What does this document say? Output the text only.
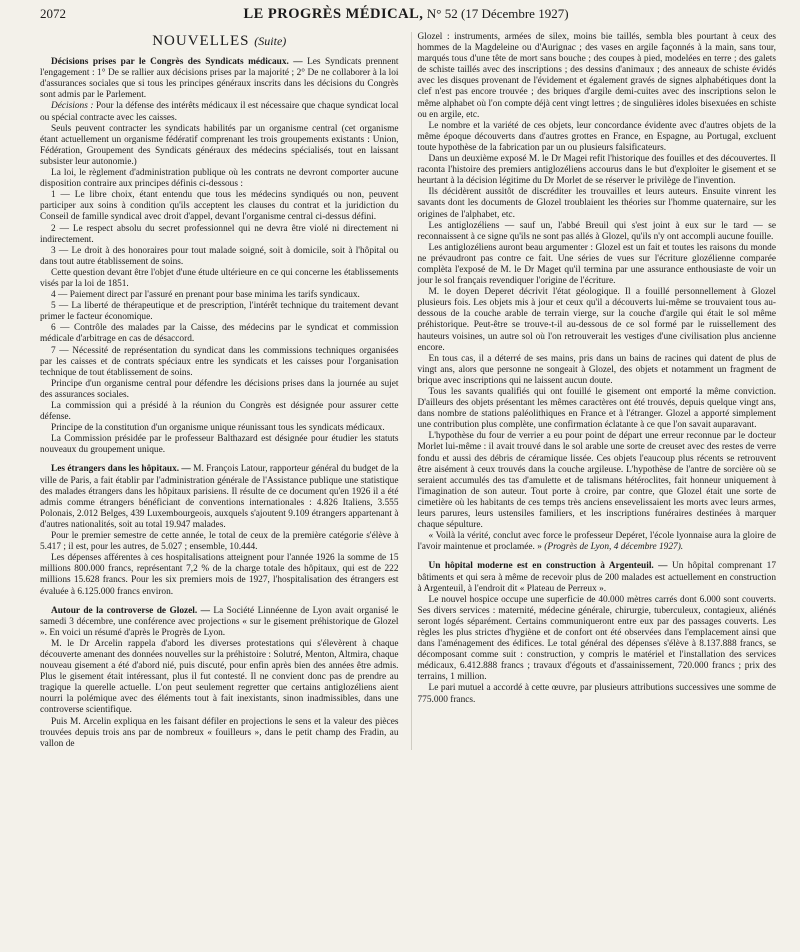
2072	LE PROGRÈS MÉDICAL, N° 52 (17 Décembre 1927)
NOUVELLES (Suite)

Décisions prises par le Congrès des Syndicats médicaux. — Les Syndicats prennent l'engagement : 1° De se rallier aux décisions prises par la majorité ; 2° De ne collaborer à la loi d'assurances sociales que si tous les principes généraux inscrits dans les décisions du Congrès sont admis par le Parlement.

Décisions : Pour la défense des intérêts médicaux il est nécessaire que chaque syndicat local ou spécial contracte avec les caisses.

Seuls peuvent contracter les syndicats habilités par un organisme central (cet organisme étant actuellement un organisme fédératif comprenant les trois groupements existants : Union, Fédération, Groupement des Syndicats généraux des médecins spécialisés, tout en laissant subsister leur autonomie.)

La loi, le règlement d'administration publique où les contrats ne devront comporter aucune disposition contraire aux principes définis ci-dessous :

1 — Le libre choix, étant entendu que tous les médecins syndiqués ou non, peuvent participer aux soins à condition qu'ils acceptent les clauses du contrat et la juridiction du Conseil de famille syndical avec droit d'appel, devant l'organisme central ci-dessus défini.

2 — Le respect absolu du secret professionnel qui ne devra être violé ni directement ni indirectement.

3 — Le droit à des honoraires pour tout malade soigné, soit à domicile, soit à l'hôpital ou dans tout autre établissement de soins.

Cette question devant être l'objet d'une étude ultérieure en ce qui concerne les établissements visés par la loi de 1851.

4 — Paiement direct par l'assuré en prenant pour base minima les tarifs syndicaux.

5 — La liberté de thérapeutique et de prescription, l'intérêt technique du traitement devant primer le facteur économique.

6 — Contrôle des malades par la Caisse, des médecins par le syndicat et commission médicale d'arbitrage en cas de désaccord.

7 — Nécessité de représentation du syndicat dans les commissions techniques organisées par les caisses et de contrats spéciaux entre les syndicats et les caisses pour l'organisation technique de tout établissement de soins.

Principe d'un organisme central pour défendre les décisions prises dans la journée au sujet des assurances sociales.

La commission qui a présidé à la réunion du Congrès est désignée pour assurer cette défense.

Principe de la constitution d'un organisme unique réunissant tous les syndicats médicaux.

La Commission présidée par le professeur Balthazard est désignée pour étudier les statuts nouveaux du groupement unique.

Les étrangers dans les hôpitaux. — M. François Latour, rapporteur général du budget de la ville de Paris, a fait établir par l'administration générale de l'Assistance publique une statistique des malades étrangers dans les hôpitaux parisiens. Il résulte de ce document qu'en 1926 il a été admis comme étrangers bénéficiant de conventions internationales : 4.826 Italiens, 3.555 Polonais, 2.012 Belges, 439 Luxembourgeois, auxquels s'ajoutent 9.109 étrangers appartenant à d'autres nationalités, soit au total 19.947 malades.

Pour le premier semestre de cette année, le total de ceux de la première catégorie s'élève à 5.417 ; il est, pour les autres, de 5.027 ; ensemble, 10.444.

Les dépenses afférentes à ces hospitalisations atteignent pour l'année 1926 la somme de 15 millions 800.000 francs, représentant 7,2 % de la charge totale des hôpitaux, qui est de 222 millions 15.628 francs. Pour les six premiers mois de 1927, l'hospitalisation des étrangers est évaluée à 6.125.000 francs environ.

Autour de la controverse de Glozel. — La Société Linnéenne de Lyon avait organisé le samedi 3 décembre, une conférence avec projections « sur le gisement préhistorique de Glozel ». En voici un résumé d'après le Progrès de Lyon.

M. le Dr Arcelin rappela d'abord les diverses protestations qui s'élevèrent à chaque découverte amenant des données nouvelles sur la préhistoire : Solutré, Menton, Altmira, chaque nouveau gisement a été d'abord nié, puis discuté, pour enfin après bien des années être admis. Plus le gisement était intéressant, plus il fut contesté. Il ne convient donc pas de prendre au tragique la querelle actuelle. L'on peut seulement regretter que certains antiglozéliens aient nourri la polémique avec des éléments tout à fait inexistants, sinon inadmissibles, dans une controverse scientifique.

Puis M. Arcelin expliqua en les faisant défiler en projections le sens et la valeur des pièces trouvées depuis trois ans par de nombreux « fouilleurs », dans le petit champ des Fradin, au vallon de

Glozel : instruments, armées de silex, moins bie taillés, sembla bles pourtant à ceux des hommes de la Magdeleine ou d'Aurignac ; des vases en argile façonnés à la main, sans tour, marqués tous d'une tête de mort sans bouche ; des coupes à pied, modelées en terre ; des galets de schiste taillés avec des inscriptions ; des dessins d'animaux ; des anneaux de schiste évidés avec les disques provenant de l'évidement et également gravés de signes alphabétiques dont la clef n'est pas encore trouvée ; des briques d'argile demi-cuites avec des inscriptions selon le même alphabet où l'on compte déjà cent vingt lettres ; de singulières idoles bisexuées en schiste ou en argile, etc.

Le nombre et la variété de ces objets, leur concordance évidente avec d'autres objets de la même époque découverts dans d'autres grottes en France, en Espagne, au Portugal, excluent toute hypothèse de la fabrication par un ou plusieurs falsificateurs.

Dans un deuxième exposé M. le Dr Magei refit l'historique des fouilles et des découvertes. Il raconta l'histoire des premiers antiglozéliens accourus dans le but d'exploiter le gisement et se heurtant à la décision légitime du Dr Morlet de se réserver le privilège de l'invention.

Ils décidèrent aussitôt de discréditer les trouvailles et leurs auteurs. Ensuite vinrent les savants dont les documents de Glozel troublaient les théories sur l'homme quaternaire, sur les origines de l'alphabet, etc.

Les antiglozéliens — sauf un, l'abbé Breuil qui s'est joint à eux sur le tard — se reconnaissent à ce signe qu'ils ne sont pas allés à Glozel, qu'ils n'y ont accompli aucune fouille.

Les antiglozéliens auront beau argumenter : Glozel est un fait et toutes les raisons du monde ne prévaudront pas contre ce fait. Une séries de vues sur l'écriture glozélienne comparée complèta l'exposé de M. le Dr Maget qu'il termina par une assurance enthousiaste de voir un jour le sol français revendiquer l'origine de l'écriture.

M. le doyen Deperet décrivit l'état géologique. Il a fouillé personnellement à Glozel plusieurs fois. Les objets mis à jour et ceux qu'il a découverts lui-même se trouvaient tous au-dessous de la couche arable de terrain vierge, sur la couche d'argile qui était le sol même préhistorique. Peut-être se trouve-t-il au-dessous de ce sol formé par le ruissellement des hauteurs voisines, un autre sol où l'on retrouverait les vestiges d'une civilisation plus ancienne encore.

En tous cas, il a déterré de ses mains, pris dans un bains de racines qui datent de plus de vingt ans, alors que personne ne songeait à Glozel, des objets et notamment un fragment de brique avec inscriptions qui ne laissent aucun doute.

Tous les savants qualifiés qui ont fouillé le gisement ont emporté la même conviction. D'ailleurs des objets présentant les mêmes caractères ont été trouvés, depuis quelque vingt ans, dans nombre de stations paléolithiques en France et à l'étranger. Glozel a apporté simplement une contribution plus complète, une confirmation éclatante à ce que l'on savait auparavant.

L'hypothèse du four de verrier a eu pour point de départ une erreur reconnue par le docteur Morlet lui-même : il avait trouvé dans le sol arable une sorte de creuset avec des restes de verre fondu et aussi des débris de céramique lissée. Ces objets l'eaucoup plus récents se retrouvent être aisément à ceux trouvés dans la couche argileuse. L'hypothèse de l'antre de sorcière où se seraient accumulés des tas d'amulette et de talismans hétéroclites, fait honneur uniquement à l'imagination de son auteur. Tout porte à croire, par contre, que Glozel était une sorte de cimetière où les habitants de ces temps très anciens ensevelissaient les morts avec leurs armes, leurs parures, leurs ustensiles familiers, et les inscriptions funéraires destinées à marquer chaque sépulture.

« Voilà la vérité, conclut avec force le professeur Depéret, l'école lyonnaise aura la gloire de l'avoir maintenue et proclamée. » (Progrès de Lyon, 4 décembre 1927).

Un hôpital moderne est en construction à Argenteuil. — Un hôpital comprenant 17 bâtiments et qui sera à même de recevoir plus de 200 malades est actuellement en construction à Argenteuil, à l'endroit dit « Plateau de Perreux ».

Le nouvel hospice occupe une superficie de 40.000 mètres carrés dont 6.000 sont couverts. Ses divers services : maternité, médecine générale, chirurgie, tuberculeux, contagieux, aliénés seront logés séparément. Certains communiqueront entre eux par des passages couverts. Les règles les plus strictes d'hygiène et de confort ont été observées dans l'emplacement ainsi que dans l'aménagement des édifices. Le total général des dépenses s'élève à 8.137.888 francs, se décomposant comme suit : construction, y compris le matériel et l'installation des services médicaux, 6.412.888 francs ; travaux d'égouts et d'assainissement, 720.000 francs ; prix des terrains, 1 million.

Le pari mutuel a accordé à cette œuvre, par plusieurs attributions successives une somme de 775.000 francs.
